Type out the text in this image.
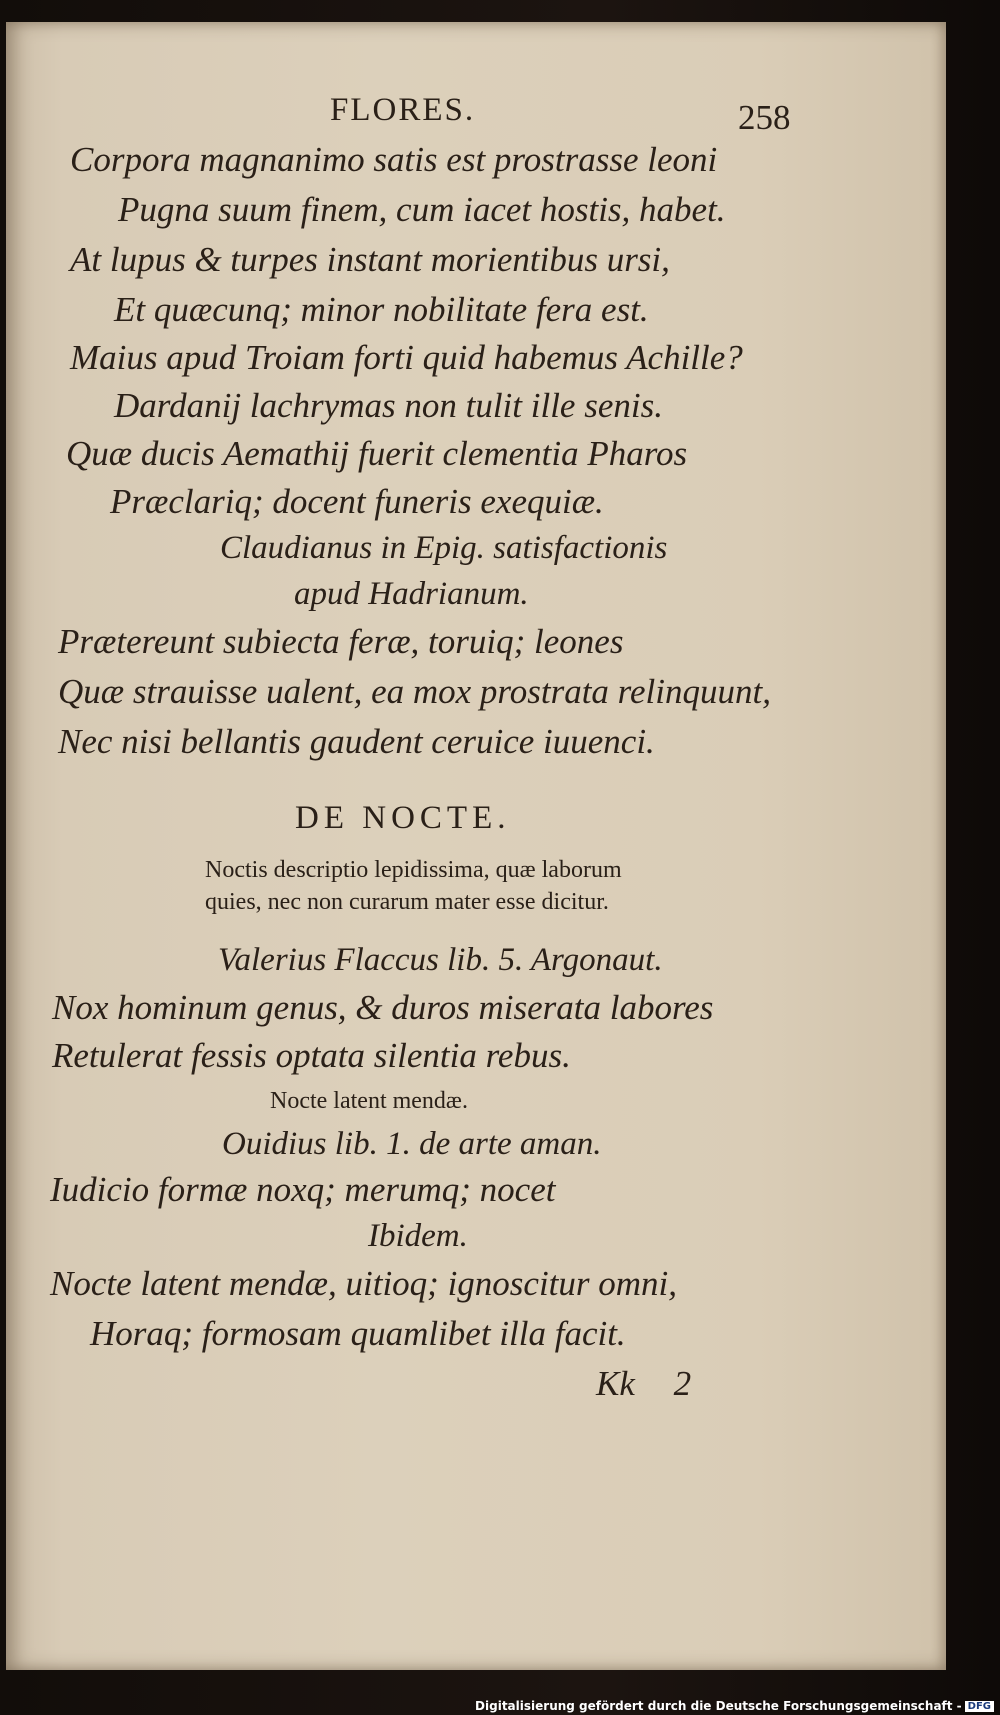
FLORES.	258
Corpora magnanimo satis est prostrasse leoni
Pugna suum finem, cum iacet hostis, habet.
At lupus & turpes instant morientibus ursi,
Et quæcunq; minor nobilitate fera est.
Maius apud Troiam forti quid habemus Achille?
Dardanij lachrymas non tulit ille senis.
Quæ ducis Aemathij fuerit clementia Pharos
Præclariq; docent funeris exequiæ.
Claudianus in Epig. satisfactionis
apud Hadrianum.
Prætereunt subiecta feræ, toruiq; leones
Quæ strauisse ualent, ea mox prostrata relinquunt,
Nec nisi bellantis gaudent ceruice iuuenci.
DE NOCTE.
Noctis descriptio lepidissima, quæ laborum
quies, nec non curarum mater esse dicitur.
Valerius Flaccus lib. 5. Argonaut.
Nox hominum genus, & duros miserata labores
Retulerat fessis optata silentia rebus.
Nocte latent mendæ.
Ouidius lib. 1. de arte aman.
Iudicio formæ noxq; merumq; nocet
Ibidem.
Nocte latent mendæ, uitioq; ignoscitur omni,
Horaq; formosam quamlibet illa facit.
Kk 2
Digitalisierung gefördert durch die Deutsche Forschungsgemeinschaft - DFG
